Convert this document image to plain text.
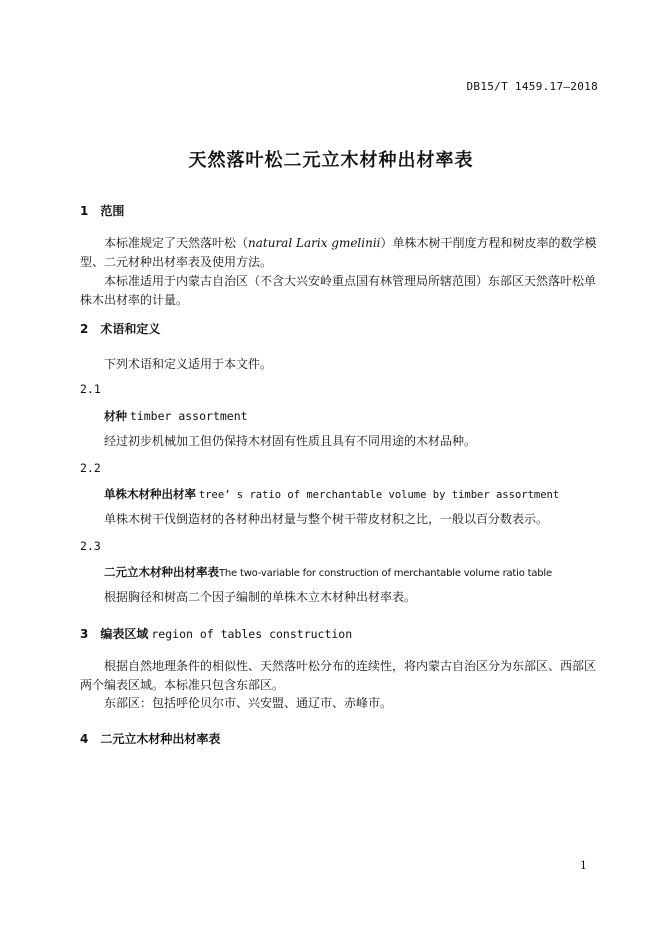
DB15/T 1459.17—2018
天然落叶松二元立木材种出材率表
1 范围
本标准规定了天然落叶松（natural Larix gmelinii）单株木树干削度方程和树皮率的数学模型、二元材种出材率表及使用方法。
本标准适用于内蒙古自治区（不含大兴安岭重点国有林管理局所辖范围）东部区天然落叶松单株木出材率的计量。
2 术语和定义
下列术语和定义适用于本文件。
2.1
材种 timber assortment
经过初步机械加工但仍保持木材固有性质且具有不同用途的木材品种。
2.2
单株木材种出材率 tree’ s ratio of merchantable volume by timber assortment
单株木树干伐倒造材的各材种出材量与整个树干带皮材积之比，一般以百分数表示。
2.3
二元立木材种出材率表The two-variable for construction of merchantable volume ratio table
根据胸径和树高二个因子编制的单株木立木材种出材率表。
3 编表区域 region of tables construction
根据自然地理条件的相似性、天然落叶松分布的连续性，将内蒙古自治区分为东部区、西部区两个编表区域。本标准只包含东部区。
东部区：包括呼伦贝尔市、兴安盟、通辽市、赤峰市。
4 二元立木材种出材率表
1
